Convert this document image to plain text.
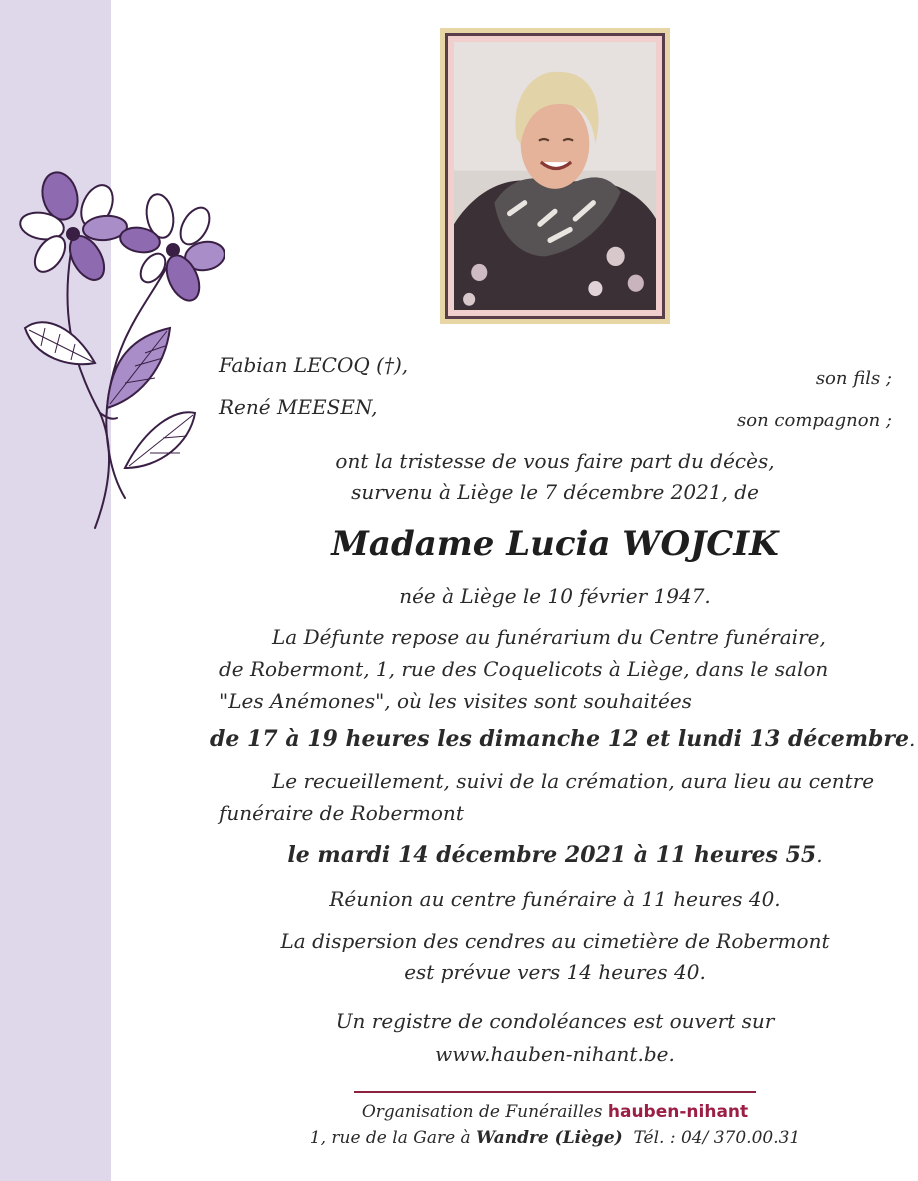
Fabian LECOQ (†),
son fils ;
René MEESEN,
son compagnon ;
ont la tristesse de vous faire part du décès,
survenu à Liège le 7 décembre 2021, de
Madame Lucia WOJCIK
née à Liège le 10 février 1947.
La Défunte repose au funérarium du Centre funéraire,
de Robermont, 1, rue des Coquelicots à Liège, dans le salon
"Les Anémones", où les visites sont souhaitées
de 17 à 19 heures les dimanche 12 et lundi 13 décembre.
Le recueillement, suivi de la crémation, aura lieu au centre
funéraire de Robermont
le mardi 14 décembre 2021 à 11 heures 55.
Réunion au centre funéraire à 11 heures 40.
La dispersion des cendres au cimetière de Robermont
est prévue vers 14 heures 40.
Un registre de condoléances est ouvert sur
www.hauben-nihant.be.
Organisation de Funérailles hauben-nihant
1, rue de la Gare à Wandre (Liège) Tél. : 04/ 370.00.31
